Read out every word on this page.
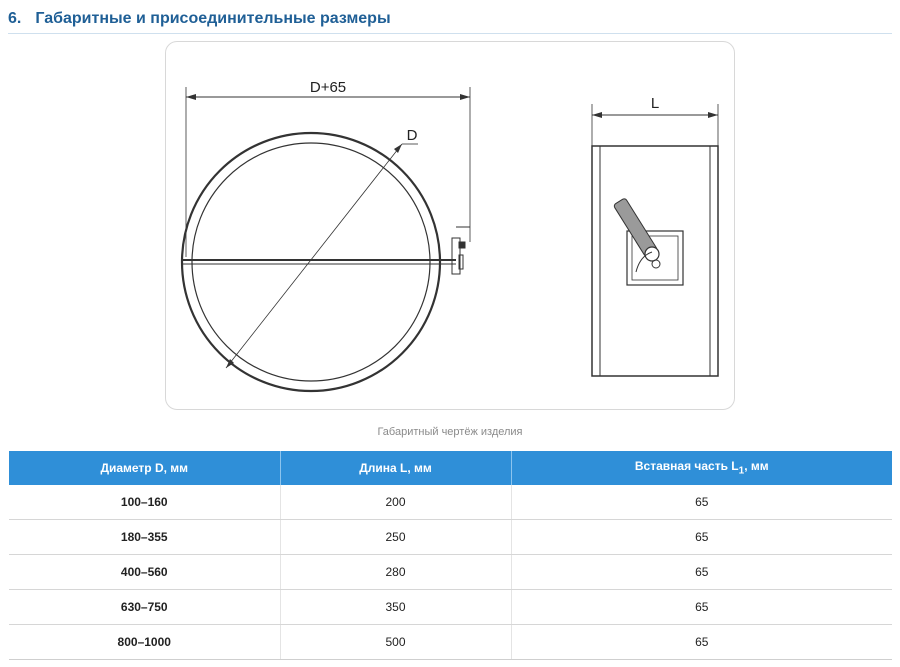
6. Габаритные и присоединительные размеры
D+65
D
L
Габаритный чертёж изделия
Диаметр D, мм	Длина L, мм	Вставная часть $L_1$, мм
100–160	200	65
180–355	250	65
400–560	280	65
630–750	350	65
800–1000	500	65
